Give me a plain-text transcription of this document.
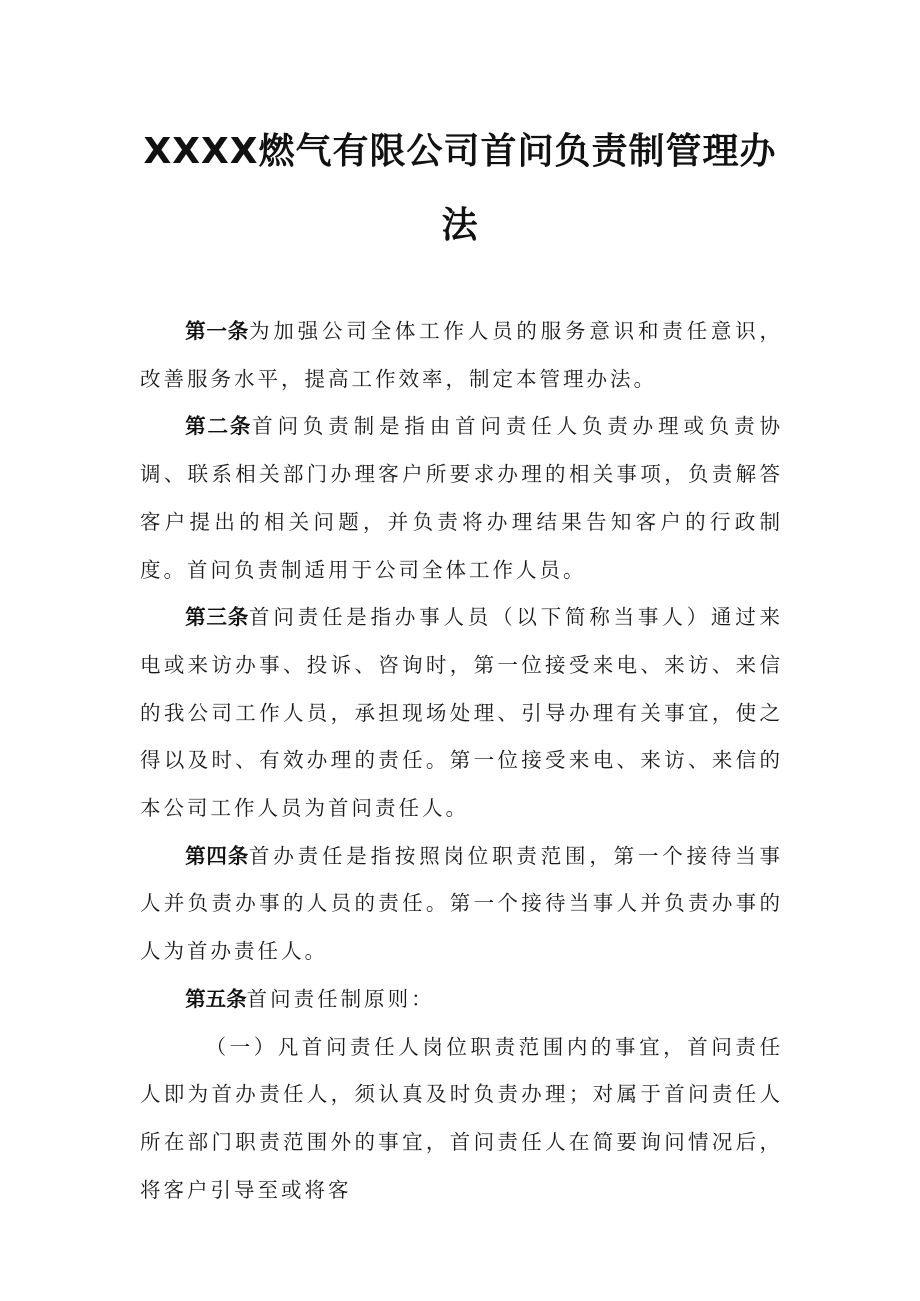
XXXX燃气有限公司首问负责制管理办
法

第一条为加强公司全体工作人员的服务意识和责任意识，改善服务水平，提高工作效率，制定本管理办法。

第二条首问负责制是指由首问责任人负责办理或负责协调、联系相关部门办理客户所要求办理的相关事项，负责解答客户提出的相关问题，并负责将办理结果告知客户的行政制度。首问负责制适用于公司全体工作人员。

第三条首问责任是指办事人员（以下简称当事人）通过来电或来访办事、投诉、咨询时，第一位接受来电、来访、来信的我公司工作人员，承担现场处理、引导办理有关事宜，使之得以及时、有效办理的责任。第一位接受来电、来访、来信的本公司工作人员为首问责任人。

第四条首办责任是指按照岗位职责范围，第一个接待当事人并负责办事的人员的责任。第一个接待当事人并负责办事的人为首办责任人。

第五条首问责任制原则：

（一）凡首问责任人岗位职责范围内的事宜，首问责任人即为首办责任人，须认真及时负责办理；对属于首问责任人所在部门职责范围外的事宜，首问责任人在简要询问情况后，将客户引导至或将客
